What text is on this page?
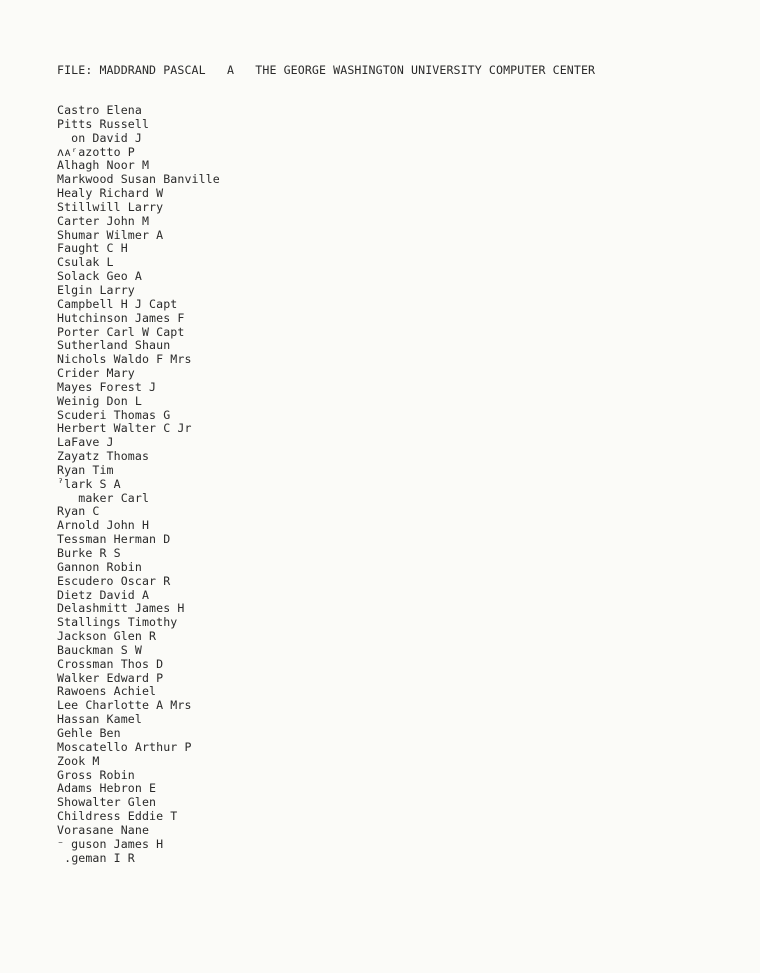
FILE: MADDRAND PASCAL A THE GEORGE WASHINGTON UNIVERSITY COMPUTER CENTER
Castro Elena
Pitts Russell
on David J
ʌᴀʳazotto P
Alhagh Noor M
Markwood Susan Banville
Healy Richard W
Stillwill Larry
Carter John M
Shumar Wilmer A
Faught C H
Csulak L
Solack Geo A
Elgin Larry
Campbell H J Capt
Hutchinson James F
Porter Carl W Capt
Sutherland Shaun
Nichols Waldo F Mrs
Crider Mary
Mayes Forest J
Weinig Don L
Scuderi Thomas G
Herbert Walter C Jr
LaFave J
Zayatz Thomas
Ryan Tim
ˀlark S A
maker Carl
Ryan C
Arnold John H
Tessman Herman D
Burke R S
Gannon Robin
Escudero Oscar R
Dietz David A
Delashmitt James H
Stallings Timothy
Jackson Glen R
Bauckman S W
Crossman Thos D
Walker Edward P
Rawoens Achiel
Lee Charlotte A Mrs
Hassan Kamel
Gehle Ben
Moscatello Arthur P
Zook M
Gross Robin
Adams Hebron E
Showalter Glen
Childress Eddie T
Vorasane Nane
⁻ guson James H
.ɡeman I R
